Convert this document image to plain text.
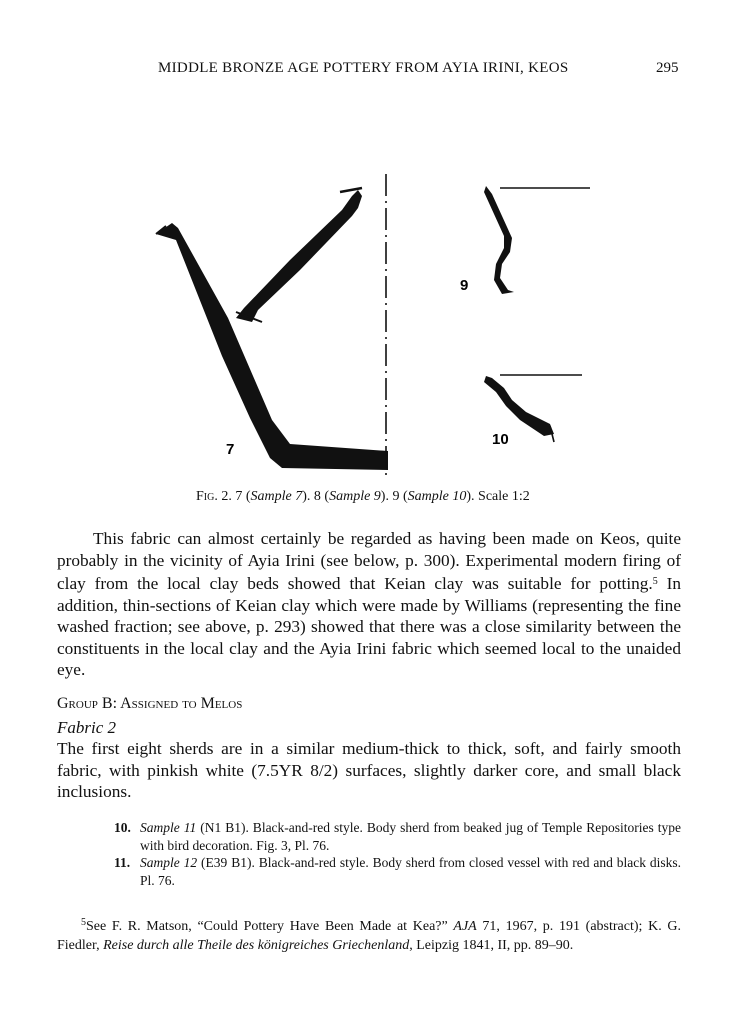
MIDDLE BRONZE AGE POTTERY FROM AYIA IRINI, KEOS	295
7
9
10
Fig. 2. 7 (Sample 7). 8 (Sample 9). 9 (Sample 10). Scale 1:2
This fabric can almost certainly be regarded as having been made on Keos, quite probably in the vicinity of Ayia Irini (see below, p. 300). Experimental modern firing of clay from the local clay beds showed that Keian clay was suitable for potting.$^5$ In addition, thin-sections of Keian clay which were made by Williams (representing the fine washed fraction; see above, p. 293) showed that there was a close similarity between the constituents in the local clay and the Ayia Irini fabric which seemed local to the unaided eye.
Group B: Assigned to Melos
Fabric 2
The first eight sherds are in a similar medium-thick to thick, soft, and fairly smooth fabric, with pinkish white (7.5YR 8/2) surfaces, slightly darker core, and small black inclusions.
10. Sample 11 (N1 B1). Black-and-red style. Body sherd from beaked jug of Temple Repositories type with bird decoration. Fig. 3, Pl. 76.
11. Sample 12 (E39 B1). Black-and-red style. Body sherd from closed vessel with red and black disks. Pl. 76.
$^5$See F. R. Matson, “Could Pottery Have Been Made at Kea?” AJA 71, 1967, p. 191 (abstract); K. G. Fiedler, Reise durch alle Theile des königreiches Griechenland, Leipzig 1841, II, pp. 89–90.
